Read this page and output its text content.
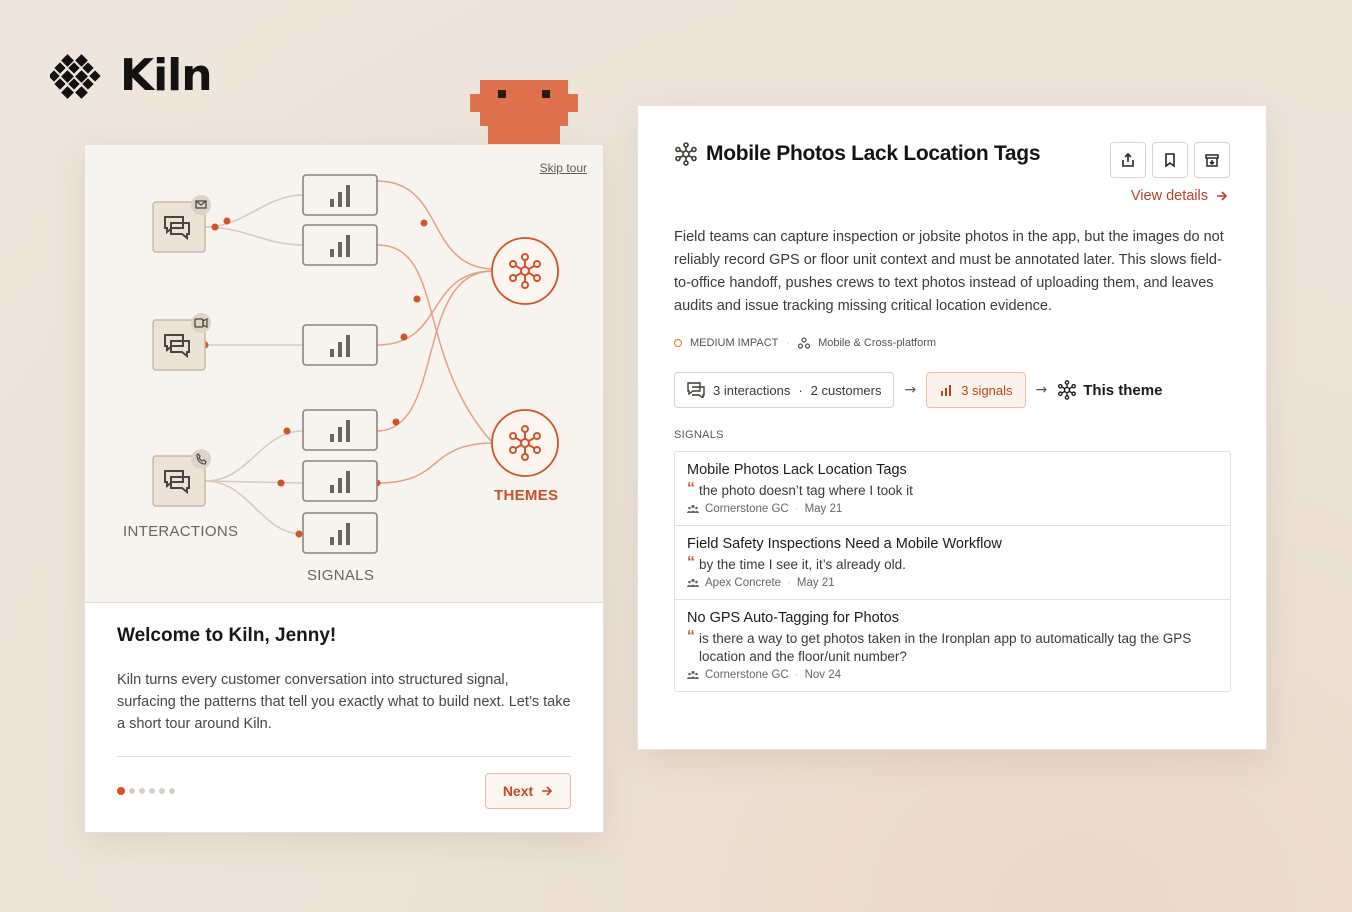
Kiln
Skip tour
INTERACTIONS
SIGNALS
THEMES
Welcome to Kiln, Jenny!
Kiln turns every customer conversation into structured signal, surfacing the patterns that tell you exactly what to build next. Let’s take a short tour around Kiln.
Next
Mobile Photos Lack Location Tags
View details
Field teams can capture inspection or jobsite photos in the app, but the images do not reliably record GPS or floor unit context and must be annotated later. This slows field-to-office handoff, pushes crews to text photos instead of uploading them, and leaves audits and issue tracking missing critical location evidence.
MEDIUM IMPACT ·	Mobile & Cross-platform
3 interactions · 2 customers →	3 signals → This theme
SIGNALS
Mobile Photos Lack Location Tags
“ the photo doesn’t tag where I took it
Cornerstone GC · May 21
Field Safety Inspections Need a Mobile Workflow
“ by the time I see it, it’s already old.
Apex Concrete · May 21
No GPS Auto-Tagging for Photos
“ is there a way to get photos taken in the Ironplan app to automatically tag the GPS location and the floor/unit number?
Cornerstone GC · Nov 24
